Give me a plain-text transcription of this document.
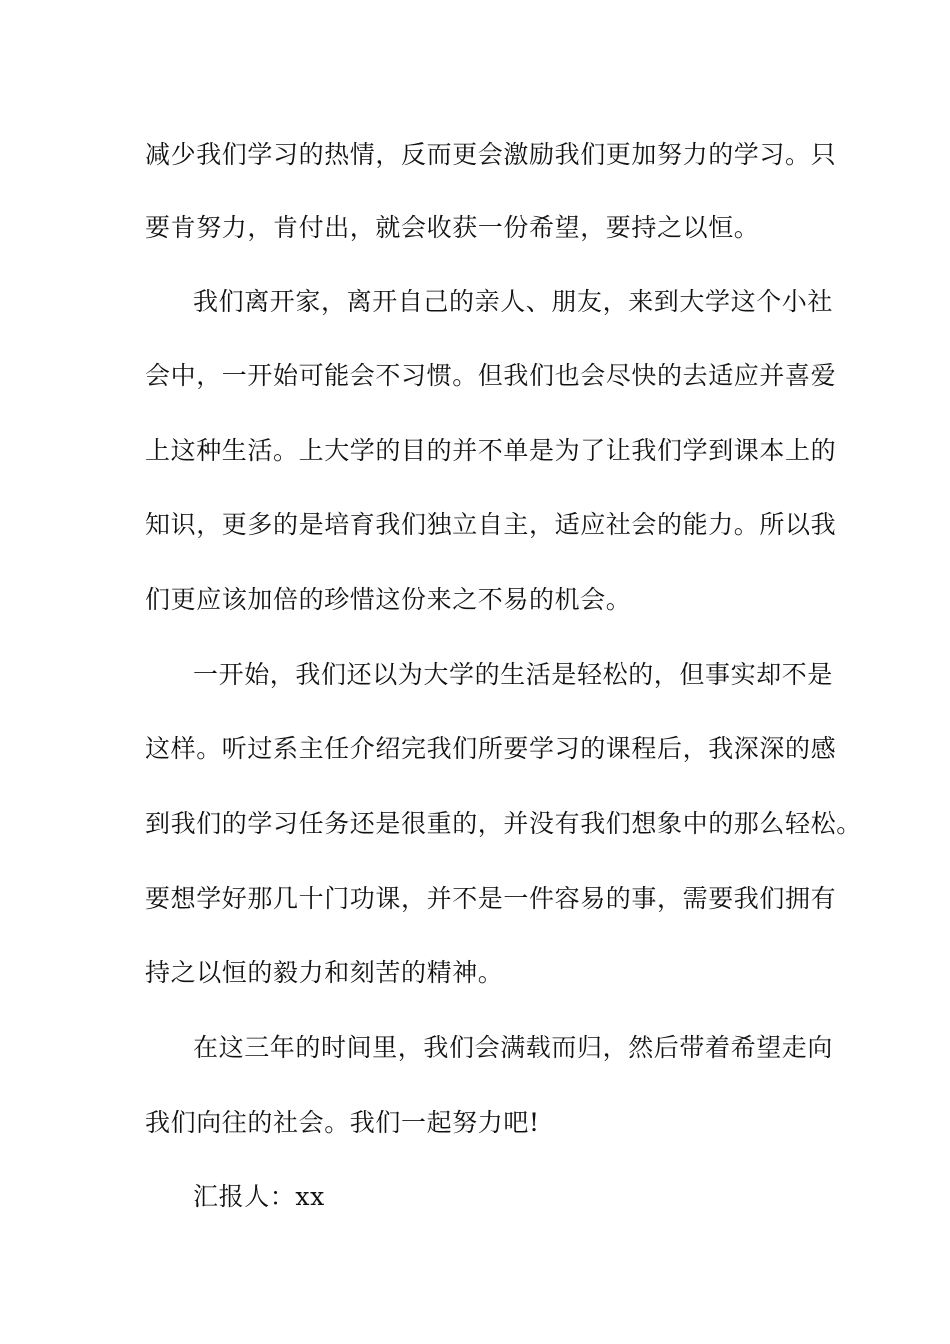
减少我们学习的热情，反而更会激励我们更加努力的学习。只
要肯努力，肯付出，就会收获一份希望，要持之以恒。
我们离开家，离开自己的亲人、朋友，来到大学这个小社
会中，一开始可能会不习惯。但我们也会尽快的去适应并喜爱
上这种生活。上大学的目的并不单是为了让我们学到课本上的
知识，更多的是培育我们独立自主，适应社会的能力。所以我
们更应该加倍的珍惜这份来之不易的机会。
一开始，我们还以为大学的生活是轻松的，但事实却不是
这样。听过系主任介绍完我们所要学习的课程后，我深深的感
到我们的学习任务还是很重的，并没有我们想象中的那么轻松。
要想学好那几十门功课，并不是一件容易的事，需要我们拥有
持之以恒的毅力和刻苦的精神。
在这三年的时间里，我们会满载而归，然后带着希望走向
我们向往的社会。我们一起努力吧!
汇报人：xx
